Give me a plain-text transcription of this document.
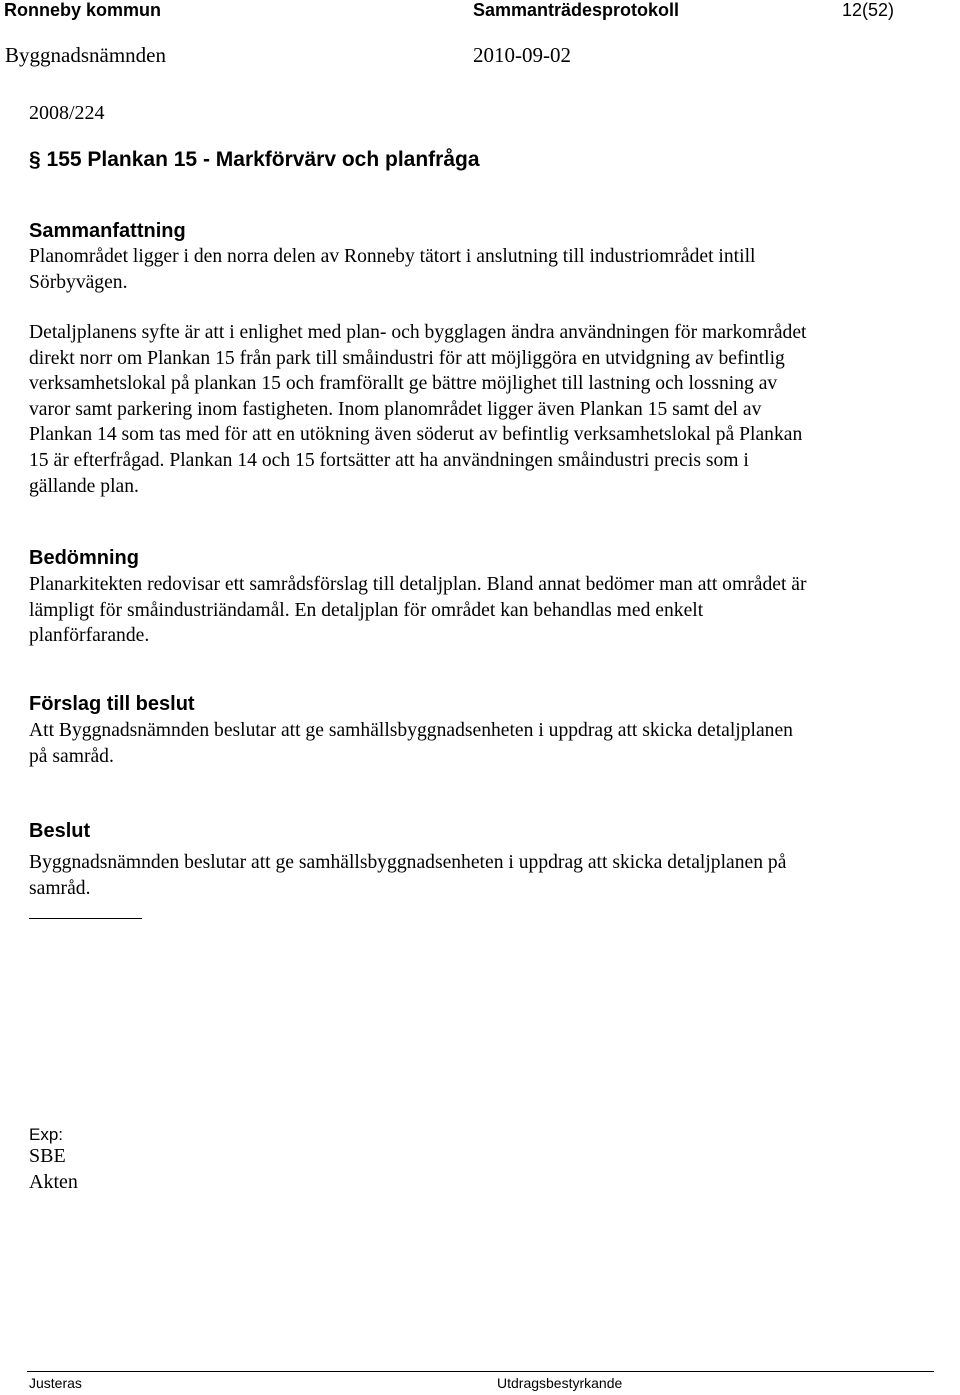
Ronneby kommun	Sammanträdesprotokoll	12(52)
Byggnadsnämnden	2010-09-02
2008/224
§ 155 Plankan 15 - Markförvärv och planfråga
Sammanfattning

Planområdet ligger i den norra delen av Ronneby tätort i anslutning till industriområdet intill

Sörbyvägen.

Detaljplanens syfte är att i enlighet med plan- och bygglagen ändra användningen för markområdet

direkt norr om Plankan 15 från park till småindustri för att möjliggöra en utvidgning av befintlig

verksamhetslokal på plankan 15 och framförallt ge bättre möjlighet till lastning och lossning av

varor samt parkering inom fastigheten. Inom planområdet ligger även Plankan 15 samt del av

Plankan 14 som tas med för att en utökning även söderut av befintlig verksamhetslokal på Plankan

15 är efterfrågad. Plankan 14 och 15 fortsätter att ha användningen småindustri precis som i

gällande plan.

Bedömning

Planarkitekten redovisar ett samrådsförslag till detaljplan. Bland annat bedömer man att området är

lämpligt för småindustriändamål. En detaljplan för området kan behandlas med enkelt

planförfarande.

Förslag till beslut

Att Byggnadsnämnden beslutar att ge samhällsbyggnadsenheten i uppdrag att skicka detaljplanen

på samråd.

Beslut

Byggnadsnämnden beslutar att ge samhällsbyggnadsenheten i uppdrag att skicka detaljplanen på

samråd.

Exp:
SBE
Akten
Justeras	Utdragsbestyrkande
